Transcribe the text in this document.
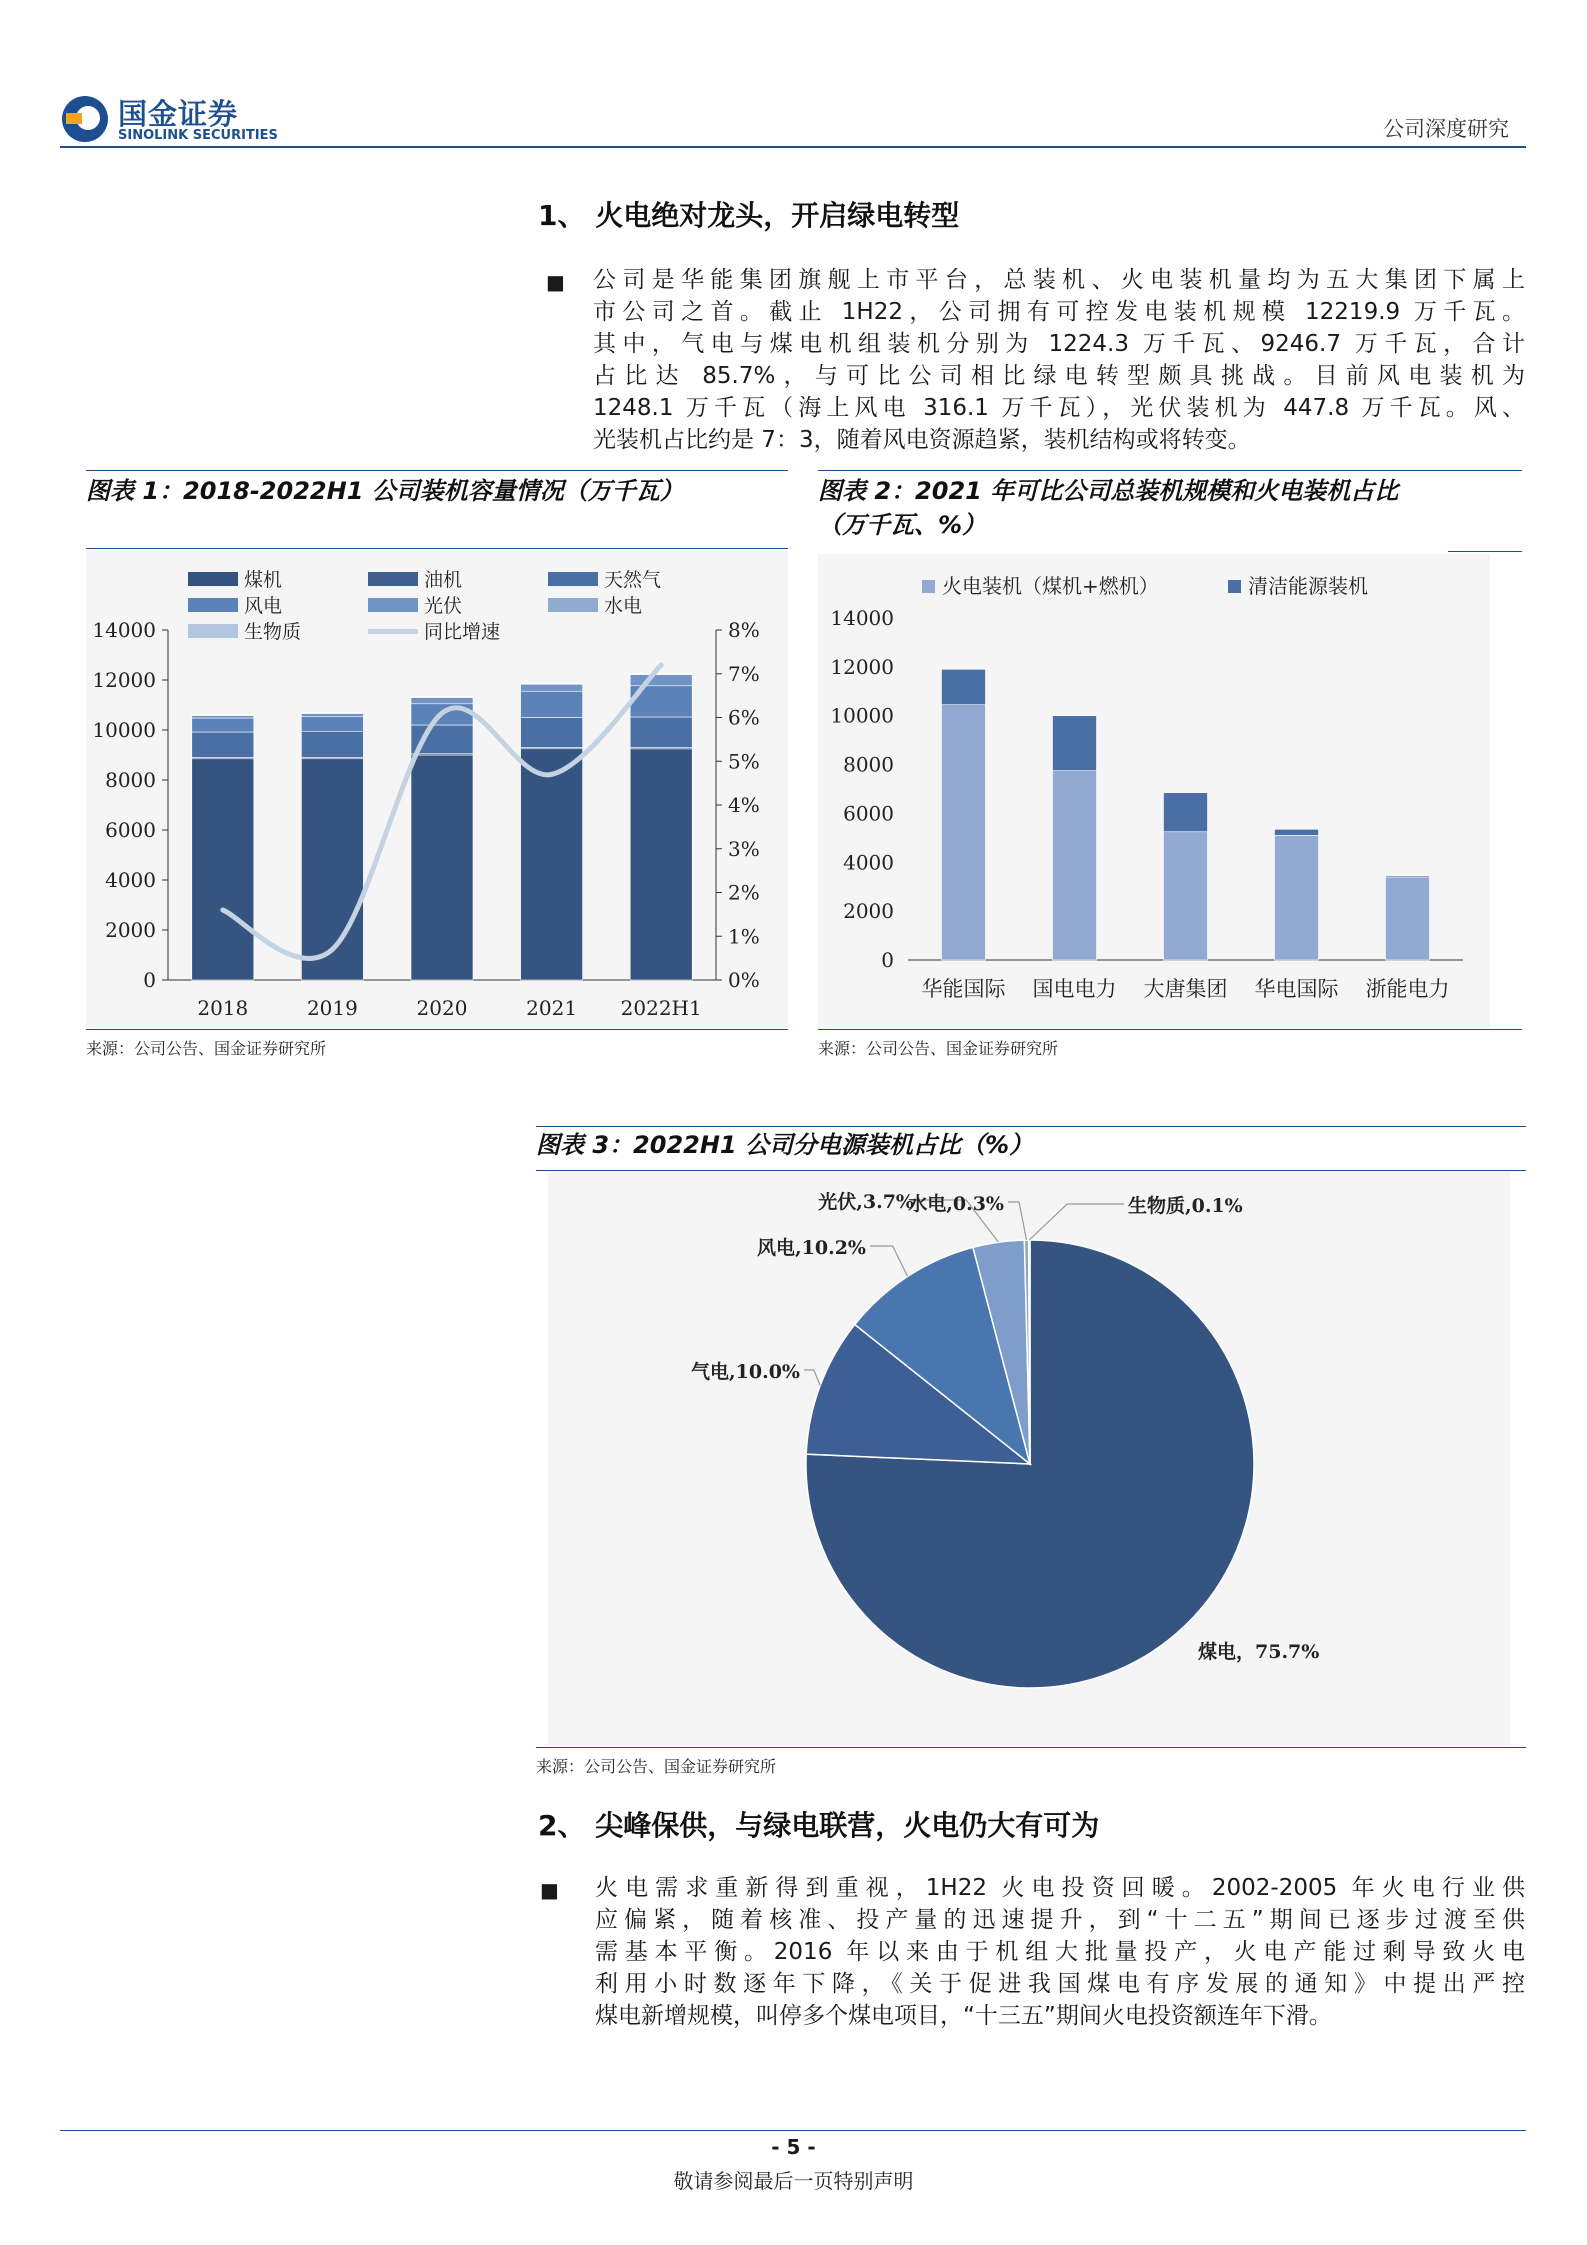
国金证券
SINOLINK SECURITIES	公司深度研究
1、 火电绝对龙头，开启绿电转型
■ 公司是华能集团旗舰上市平台，总装机、火电装机量均为五大集团下属上
市公司之首。截止 1H22，公司拥有可控发电装机规模 12219.9 万千瓦。
其中，气电与煤电机组装机分别为 1224.3 万千瓦、9246.7 万千瓦，合计
占比达 85.7%，与可比公司相比绿电转型颇具挑战。目前风电装机为
1248.1 万千瓦（海上风电 316.1 万千瓦），光伏装机为 447.8 万千瓦。风、
光装机占比约是 7：3，随着风电资源趋紧，装机结构或将转变。
图表 1：2018-2022H1 公司装机容量情况（万千瓦）
14000
12000
10000
8000
6000
4000
2000
0
8%
7%
6%
5%
4%
3%
2%
1%
0%
2018	2019	2020	2021 2022H1
煤机	油机	天然气
风电	光伏	水电
生物质	同比增速
来源：公司公告、国金证券研究所
图表 2：2021 年可比公司总装机规模和火电装机占比
（万千瓦、%）
14000
12000
10000
8000
6000
4000
2000
0
华能国际 国电电力 大唐集团 华电国际 浙能电力
火电装机（煤机+燃机）	清洁能源装机
来源：公司公告、国金证券研究所
图表 3：2022H1 公司分电源装机占比（%）
煤电，75.7%
气电,10.0%
风电,10.2%
光伏,3.7%
水电,0.3%	生物质,0.1%
来源：公司公告、国金证券研究所
2、 尖峰保供，与绿电联营，火电仍大有可为
■ 火电需求重新得到重视，1H22 火电投资回暖。2002-2005 年火电行业供
应偏紧，随着核准、投产量的迅速提升，到“十二五”期间已逐步过渡至供
需基本平衡。2016 年以来由于机组大批量投产，火电产能过剩导致火电
利用小时数逐年下降，《关于促进我国煤电有序发展的通知》中提出严控
煤电新增规模，叫停多个煤电项目，“十三五”期间火电投资额连年下滑。
- 5 -
敬请参阅最后一页特别声明
